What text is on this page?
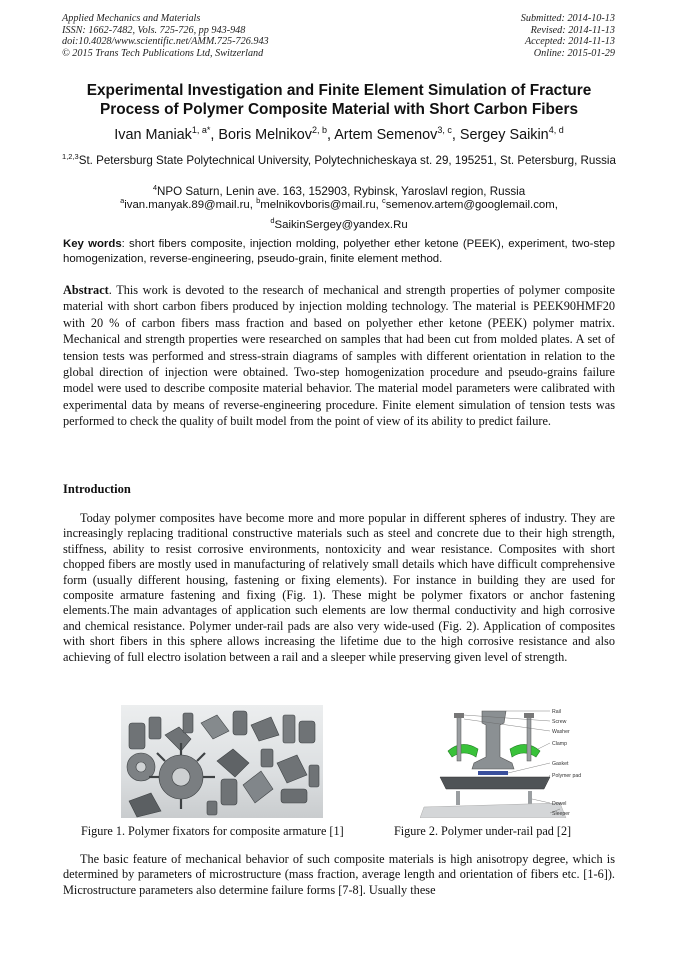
Applied Mechanics and Materials
ISSN: 1662-7482, Vols. 725-726, pp 943-948
doi:10.4028/www.scientific.net/AMM.725-726.943
© 2015 Trans Tech Publications Ltd, Switzerland
Submitted: 2014-10-13
Revised: 2014-11-13
Accepted: 2014-11-13
Online: 2015-01-29
Experimental Investigation and Finite Element Simulation of Fracture
Process of Polymer Composite Material with Short Carbon Fibers
Ivan Maniak$^{1, a*}$, Boris Melnikov$^{2, b}$, Artem Semenov$^{3, c}$, Sergey Saikin$^{4, d}$
$^{1,2,3}$St. Petersburg State Polytechnical University, Polytechnicheskaya st. 29, 195251, St. Petersburg, Russia
$^4$NPO Saturn, Lenin ave. 163, 152903, Rybinsk, Yaroslavl region, Russia
$^a$ivan.manyak.89@mail.ru, $^b$melnikovboris@mail.ru, $^c$semenov.artem@googlemail.com,
$^d$SaikinSergey@yandex.Ru
Key words: short fibers composite, injection molding, polyether ether ketone (PEEK), experiment, two-step homogenization, reverse-engineering, pseudo-grain, finite element method.
Abstract. This work is devoted to the research of mechanical and strength properties of polymer composite material with short carbon fibers produced by injection molding technology. The material is PEEK90HMF20 with 20 % of carbon fibers mass fraction and based on polyether ether ketone (PEEK) polymer matrix. Mechanical and strength properties were researched on samples that had been cut from molded plates. A set of tension tests was performed and stress-strain diagrams of samples with different orientation in relation to the global direction of injection were obtained. Two-step homogenization procedure and pseudo-grains failure model were used to describe composite material behavior. The material model parameters were calibrated with experimental data by means of reverse-engineering procedure. Finite element simulation of tension tests was performed to check the quality of built model from the point of view of its ability to predict failure.
Introduction
Today polymer composites have become more and more popular in different spheres of industry. They are increasingly replacing traditional constructive materials such as steel and concrete due to their high strength, stiffness, ability to resist corrosive environments, nontoxicity and wear resistance. Composites with short chopped fibers are mostly used in manufacturing of relatively small details which have difficult comprehensive form (usually different housing, fastening or fixing elements). For instance in building they are used for composite armature fastening and fixing (Fig. 1). These might be polymer fixators or anchor fastening elements.The main advantages of application such elements are low thermal conductivity and high corrosive and chemical resistance. Polymer under-rail pads are also very wide-used (Fig. 2). Application of composites with short fibers in this sphere allows increasing the lifetime due to the high corrosive resistance and also achieving of full electro isolation between a rail and a sleeper while preserving given level of strength.
Rail
Screw
Washer
Clamp
Gasket
Polymer pad
Dowel
Sleeper
Figure 1. Polymer fixators for composite armature [1]	Figure 2. Polymer under-rail pad [2]
The basic feature of mechanical behavior of such composite materials is high anisotropy degree, which is determined by parameters of microstructure (mass fraction, average length and orientation of fibers etc. [1-6]). Microstructure parameters also determine failure forms [7-8]. Usually these
